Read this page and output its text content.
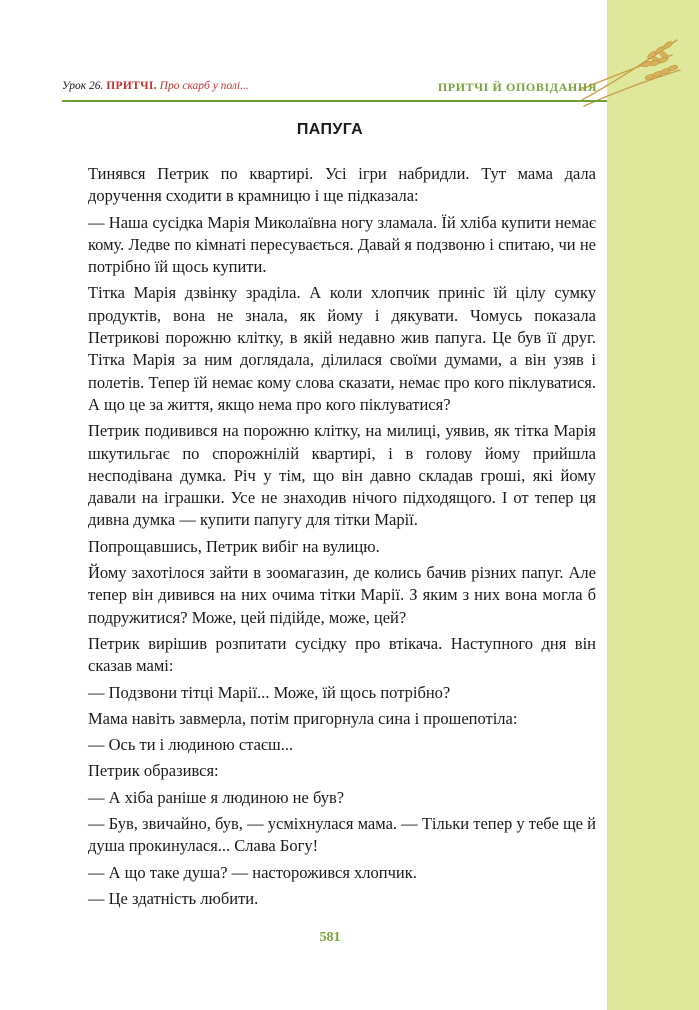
Урок 26. ПРИТЧІ. Про скарб у полі...	ПРИТЧІ Й ОПОВІДАННЯ
ПАПУГА

Тинявся Петрик по квартирі. Усі ігри набридли. Тут мама дала доручення сходити в крамницю і ще підказала:

— Наша сусідка Марія Миколаївна ногу зламала. Їй хліба купити немає кому. Ледве по кімнаті пересувається. Давай я подзвоню і спитаю, чи не потрібно їй щось купити.

Тітка Марія дзвінку зраділа. А коли хлопчик приніс їй цілу сумку продуктів, вона не знала, як йому і дякувати. Чомусь показала Петрикові порожню клітку, в якій недавно жив папуга. Це був її друг. Тітка Марія за ним доглядала, ділилася своїми думами, а він узяв і полетів. Тепер їй немає кому слова сказати, немає про кого піклуватися. А що це за життя, якщо нема про кого піклуватися?

Петрик подивився на порожню клітку, на милиці, уявив, як тітка Марія шкутильгає по спорожнілій квартирі, і в голову йому прийшла несподівана думка. Річ у тім, що він давно складав гроші, які йому давали на іграшки. Усе не знаходив нічого підходящого. І от тепер ця дивна думка — купити папугу для тітки Марії.

Попрощавшись, Петрик вибіг на вулицю.

Йому захотілося зайти в зоомагазин, де колись бачив різних папуг. Але тепер він дивився на них очима тітки Марії. З яким з них вона могла б подружитися? Може, цей підійде, може, цей?

Петрик вирішив розпитати сусідку про втікача. Наступного дня він сказав мамі:

— Подзвони тітці Марії... Може, їй щось потрібно?

Мама навіть завмерла, потім пригорнула сина і прошепотіла:

— Ось ти і людиною стаєш...

Петрик образився:

— А хіба раніше я людиною не був?

— Був, звичайно, був, — усміхнулася мама. — Тільки тепер у тебе ще й душа прокинулася... Слава Богу!

— А що таке душа? — насторожився хлопчик.

— Це здатність любити.

581
